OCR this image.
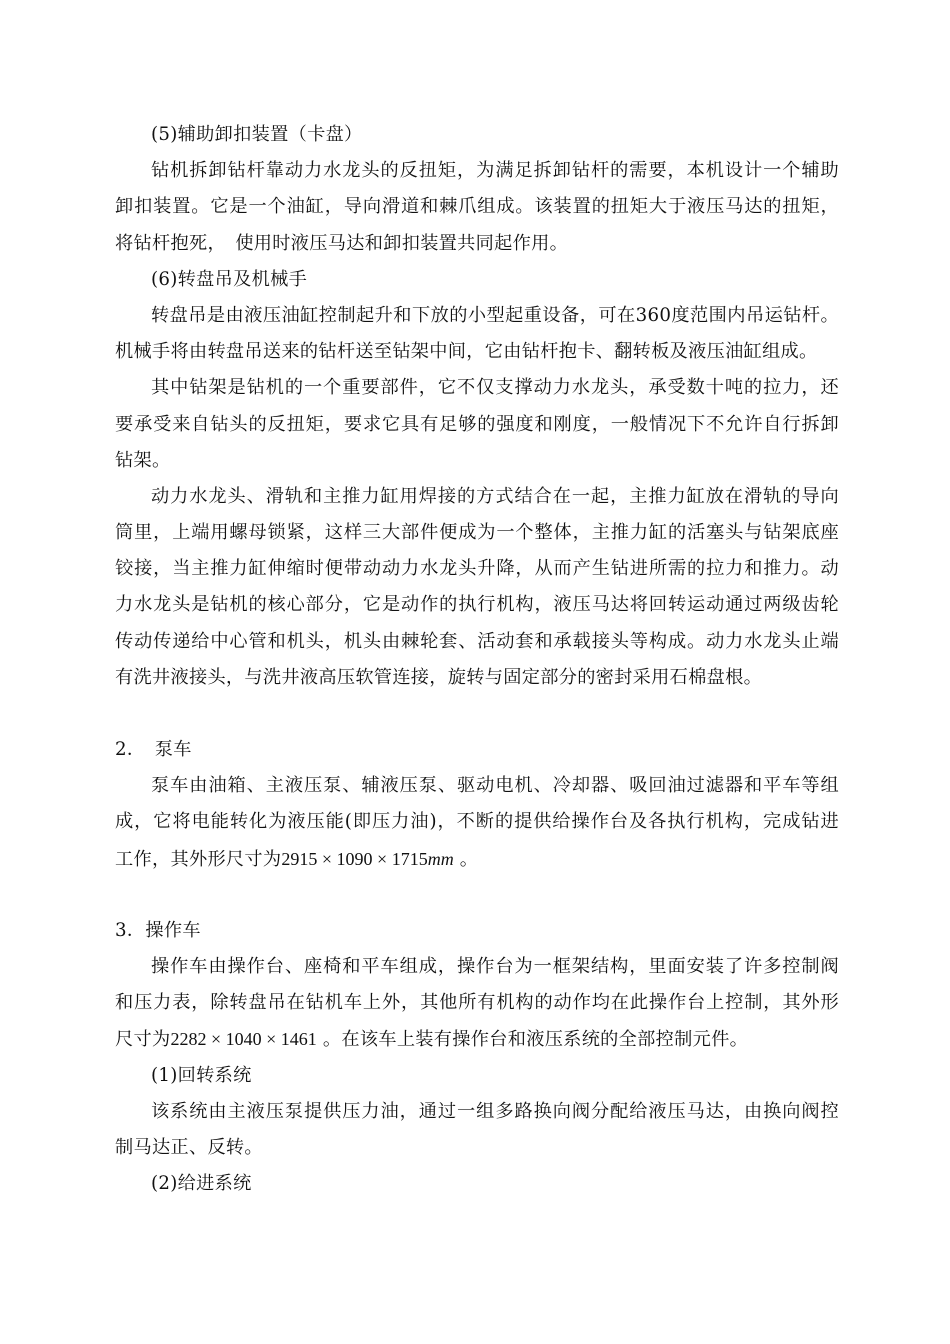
(5)辅助卸扣装置（卡盘）
钻机拆卸钻杆靠动力水龙头的反扭矩，为满足拆卸钻杆的需要，本机设计一个辅助
卸扣装置。它是一个油缸，导向滑道和棘爪组成。该装置的扭矩大于液压马达的扭矩，
将钻杆抱死，　使用时液压马达和卸扣装置共同起作用。
(6)转盘吊及机械手
转盘吊是由液压油缸控制起升和下放的小型起重设备，可在360度范围内吊运钻杆。
机械手将由转盘吊送来的钻杆送至钻架中间，它由钻杆抱卡、翻转板及液压油缸组成。
其中钻架是钻机的一个重要部件，它不仅支撑动力水龙头，承受数十吨的拉力，还
要承受来自钻头的反扭矩，要求它具有足够的强度和刚度，一般情况下不允许自行拆卸
钻架。
动力水龙头、滑轨和主推力缸用焊接的方式结合在一起，主推力缸放在滑轨的导向
筒里，上端用螺母锁紧，这样三大部件便成为一个整体，主推力缸的活塞头与钻架底座
铰接，当主推力缸伸缩时便带动动力水龙头升降，从而产生钻进所需的拉力和推力。动
力水龙头是钻机的核心部分，它是动作的执行机构，液压马达将回转运动通过两级齿轮
传动传递给中心管和机头，机头由棘轮套、活动套和承载接头等构成。动力水龙头止端
有洗井液接头，与洗井液高压软管连接，旋转与固定部分的密封采用石棉盘根。
2．　泵车
泵车由油箱、主液压泵、辅液压泵、驱动电机、冷却器、吸回油过滤器和平车等组
成，它将电能转化为液压能(即压力油)，不断的提供给操作台及各执行机构，完成钻进
工作，其外形尺寸为2915 × 1090 × 1715mm 。
3．操作车
操作车由操作台、座椅和平车组成，操作台为一框架结构，里面安装了许多控制阀
和压力表，除转盘吊在钻机车上外，其他所有机构的动作均在此操作台上控制，其外形
尺寸为2282 × 1040 × 1461 。在该车上装有操作台和液压系统的全部控制元件。
(1)回转系统
该系统由主液压泵提供压力油，通过一组多路换向阀分配给液压马达，由换向阀控
制马达正、反转。
(2)给进系统
